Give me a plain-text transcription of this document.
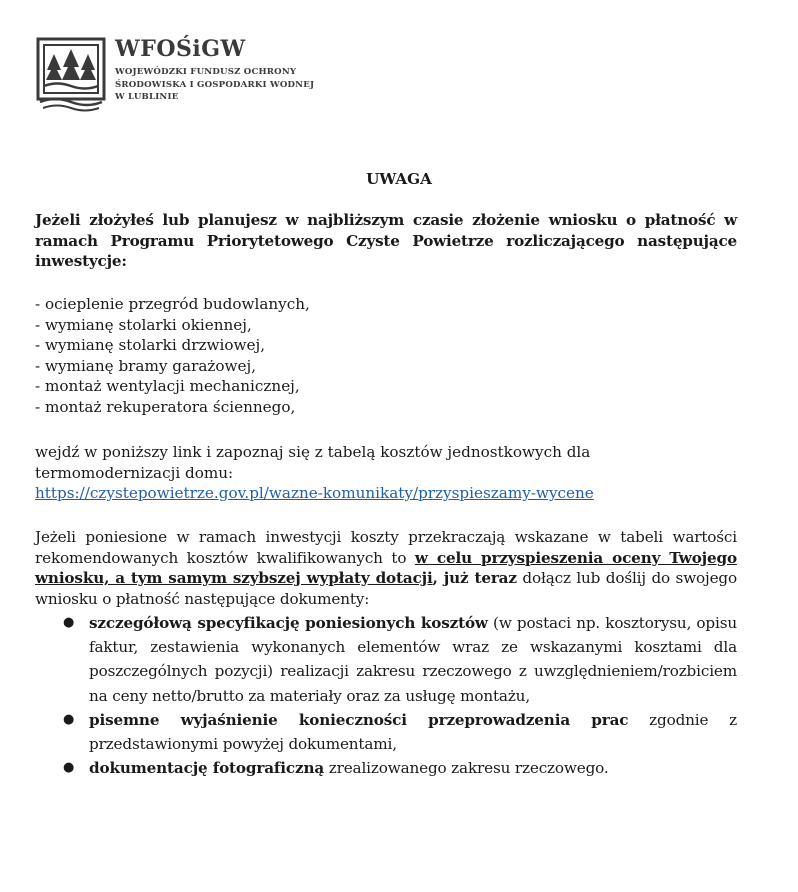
WFOŚiGW
WOJEWÓDZKI FUNDUSZ OCHRONY
ŚRODOWISKA I GOSPODARKI WODNEJ
W LUBLINIE
UWAGA
Jeżeli złożyłeś lub planujesz w najbliższym czasie złożenie wniosku o płatność w ramach Programu Priorytetowego Czyste Powietrze rozliczającego następujące inwestycje:
- ocieplenie przegród budowlanych,
- wymianę stolarki okiennej,
- wymianę stolarki drzwiowej,
- wymianę bramy garażowej,
- montaż wentylacji mechanicznej,
- montaż rekuperatora ściennego,
wejdź w poniższy link i zapoznaj się z tabelą kosztów jednostkowych dla
termomodernizacji domu:
https://czystepowietrze.gov.pl/wazne-komunikaty/przyspieszamy-wycene
Jeżeli poniesione w ramach inwestycji koszty przekraczają wskazane w tabeli wartości rekomendowanych kosztów kwalifikowanych to w celu przyspieszenia oceny Twojego wniosku, a tym samym szybszej wypłaty dotacji, już teraz dołącz lub doślij do swojego wniosku o płatność następujące dokumenty:
● szczegółową specyfikację poniesionych kosztów (w postaci np. kosztorysu, opisu faktur, zestawienia wykonanych elementów wraz ze wskazanymi kosztami dla poszczególnych pozycji) realizacji zakresu rzeczowego z uwzględnieniem/rozbiciem na ceny netto/brutto za materiały oraz za usługę montażu,
● pisemne wyjaśnienie konieczności przeprowadzenia prac zgodnie z przedstawionymi powyżej dokumentami,
● dokumentację fotograficzną zrealizowanego zakresu rzeczowego.
